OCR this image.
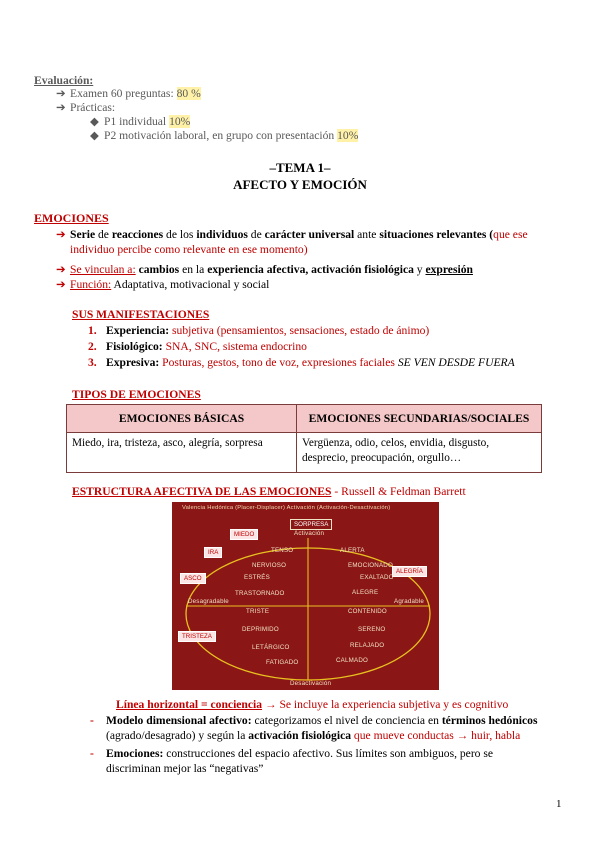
Evaluación:
➔ Examen 60 preguntas: 80 %
➔ Prácticas:
◆ P1 individual 10%
◆ P2 motivación laboral, en grupo con presentación 10%
–TEMA 1–
AFECTO Y EMOCIÓN
EMOCIONES
➔ Serie de reacciones de los individuos de carácter universal ante situaciones relevantes (que ese
individuo percibe como relevante en ese momento)
➔ Se vinculan a: cambios en la experiencia afectiva, activación fisiológica y expresión
➔ Función: Adaptativa, motivacional y social
SUS MANIFESTACIONES
1. Experiencia: subjetiva (pensamientos, sensaciones, estado de ánimo)
2. Fisiológico: SNA, SNC, sistema endocrino
3. Expresiva: Posturas, gestos, tono de voz, expresiones faciales SE VEN DESDE FUERA
TIPOS DE EMOCIONES
EMOCIONES BÁSICAS	EMOCIONES SECUNDARIAS/SOCIALES
Miedo, ira, tristeza, asco, alegría, sorpresa	Vergüenza, odio, celos, envidia, disgusto, desprecio, preocupación, orgullo…
ESTRUCTURA AFECTIVA DE LAS EMOCIONES - Russell & Feldman Barrett
Valencia Hedónica (Placer-Displacer) Activación (Activación-Desactivación)
Activación
Desactivación
Desagradable	Agradable
SORPRESA
MIEDO
IRA
ASCO
ALEGRÍA
TRISTEZA
TENSO
NERVIOSO
ESTRÉS
TRASTORNADO
TRISTE
DEPRIMIDO
LETÁRGICO
FATIGADO
ALERTA
EMOCIONADO
EXALTADO
ALEGRE
CONTENIDO
SERENO
RELAJADO
CALMADO
Línea horizontal = conciencia → Se incluye la experiencia subjetiva y es cognitivo
- Modelo dimensional afectivo: categorizamos el nivel de conciencia en términos hedónicos
(agrado/desagrado) y según la activación fisiológica que mueve conductas → huir, habla
- Emociones: construcciones del espacio afectivo. Sus límites son ambiguos, pero se
discriminan mejor las “negativas”
1
